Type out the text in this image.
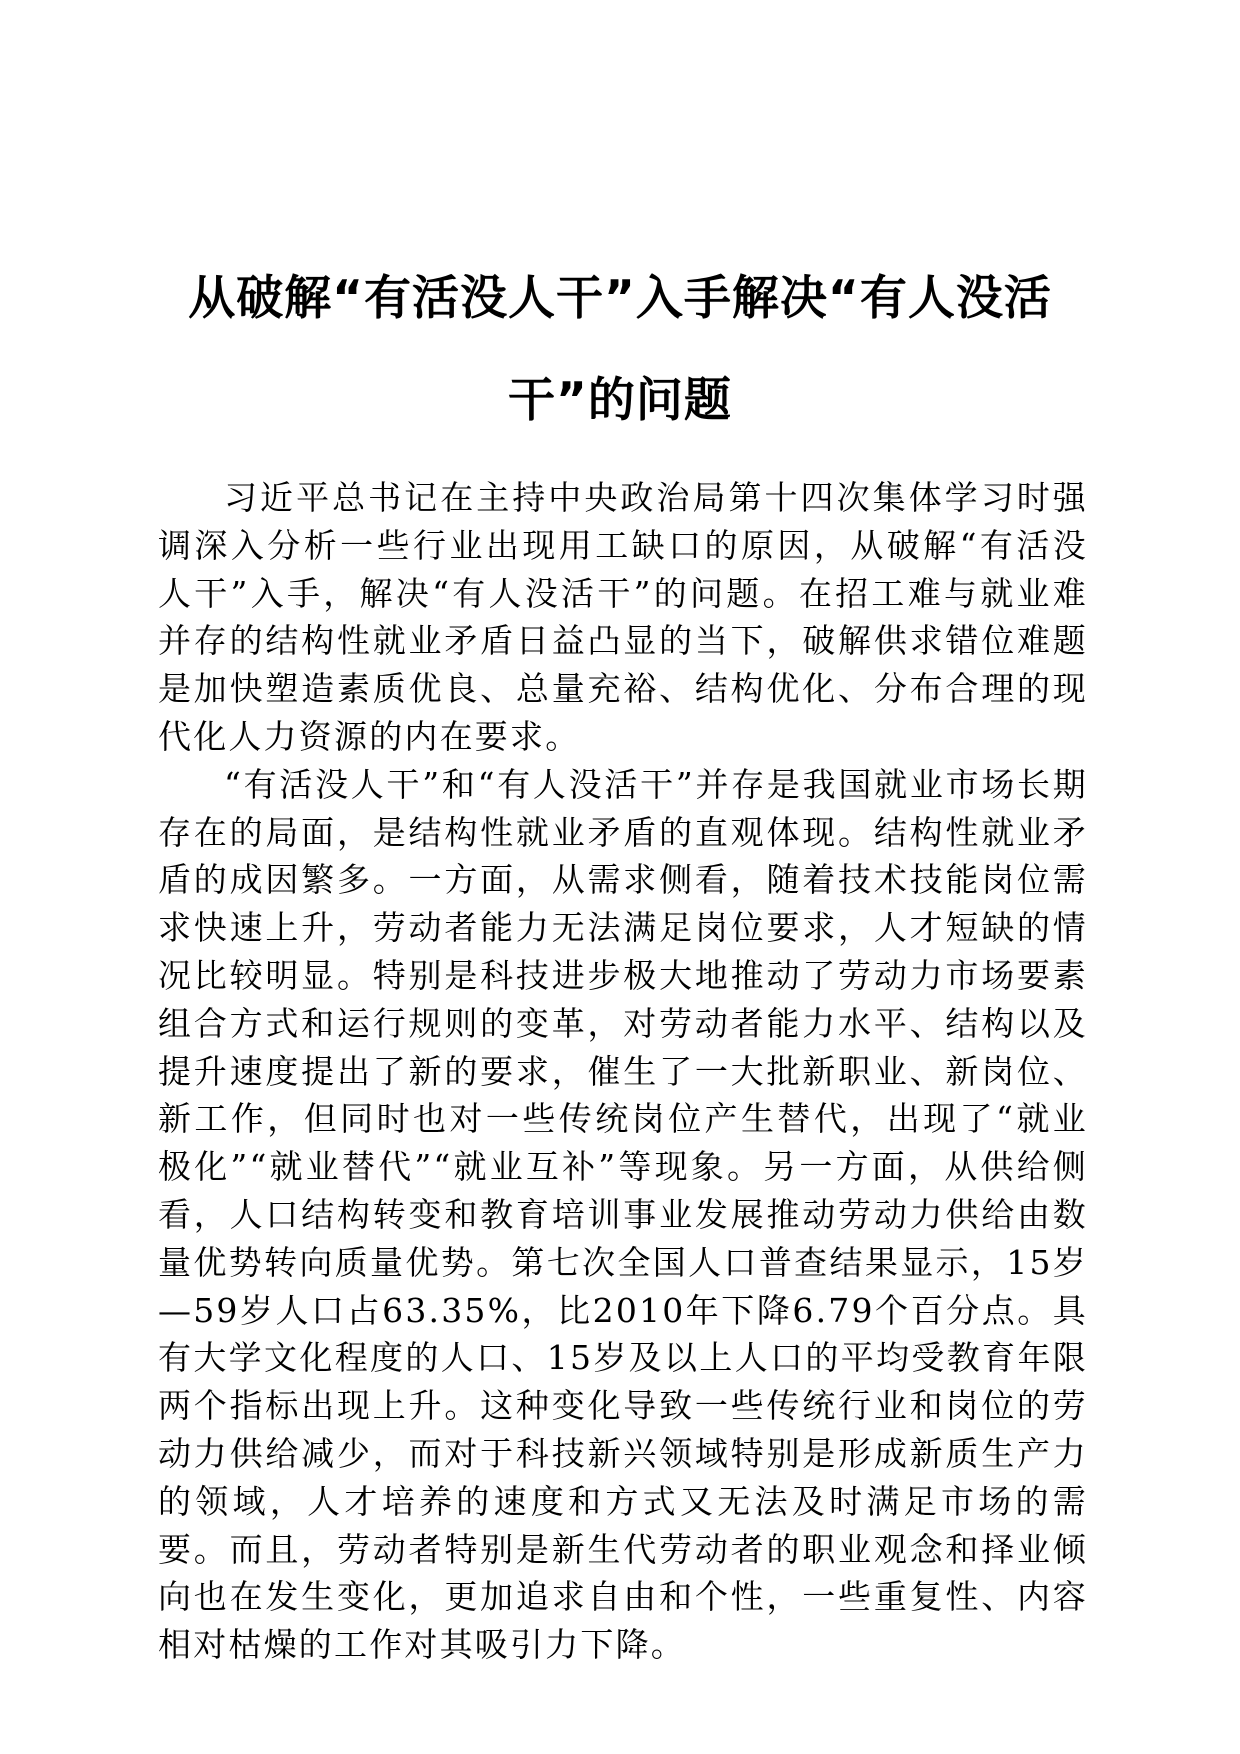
从破解“有活没人干”入手解决“有人没活干”的问题

习近平总书记在主持中央政治局第十四次集体学习时强调深入分析一些行业出现用工缺口的原因，从破解“有活没人干”入手，解决“有人没活干”的问题。在招工难与就业难并存的结构性就业矛盾日益凸显的当下，破解供求错位难题是加快塑造素质优良、总量充裕、结构优化、分布合理的现代化人力资源的内在要求。

“有活没人干”和“有人没活干”并存是我国就业市场长期存在的局面，是结构性就业矛盾的直观体现。结构性就业矛盾的成因繁多。一方面，从需求侧看，随着技术技能岗位需求快速上升，劳动者能力无法满足岗位要求，人才短缺的情况比较明显。特别是科技进步极大地推动了劳动力市场要素组合方式和运行规则的变革，对劳动者能力水平、结构以及提升速度提出了新的要求，催生了一大批新职业、新岗位、新工作，但同时也对一些传统岗位产生替代，出现了“就业极化”“就业替代”“就业互补”等现象。另一方面，从供给侧看，人口结构转变和教育培训事业发展推动劳动力供给由数量优势转向质量优势。第七次全国人口普查结果显示，15岁—59岁人口占63.35%，比2010年下降6.79个百分点。具有大学文化程度的人口、15岁及以上人口的平均受教育年限两个指标出现上升。这种变化导致一些传统行业和岗位的劳动力供给减少，而对于科技新兴领域特别是形成新质生产力的领域，人才培养的速度和方式又无法及时满足市场的需要。而且，劳动者特别是新生代劳动者的职业观念和择业倾向也在发生变化，更加追求自由和个性，一些重复性、内容相对枯燥的工作对其吸引力下降。
